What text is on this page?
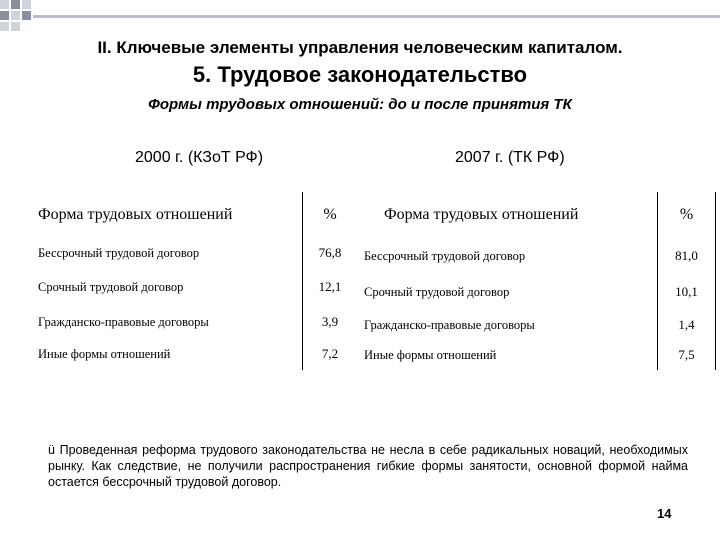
II. Ключевые элементы управления человеческим капиталом.
5. Трудовое законодательство
Формы трудовых отношений: до и после принятия ТК
2000 г. (КЗоТ РФ)	2007 г. (ТК РФ)
Форма трудовых отношений	%
Бессрочный трудовой договор	76,8
Срочный трудовой договор	12,1
Гражданско-правовые договоры	3,9
Иные формы отношений	7,2
Форма трудовых отношений	%
Бессрочный трудовой договор	81,0
Срочный трудовой договор	10,1
Гражданско-правовые договоры	1,4
Иные формы отношений	7,5
ü Проведенная реформа трудового законодательства не несла в себе радикальных новаций, необходимых рынку. Как следствие, не получили распространения гибкие формы занятости, основной формой найма остается бессрочный трудовой договор.
14
